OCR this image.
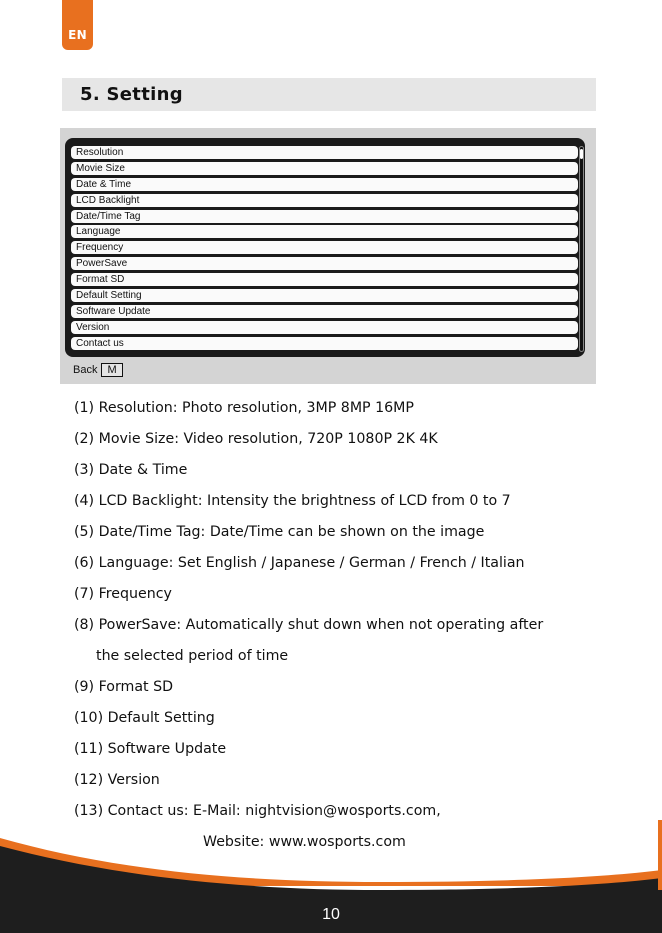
EN
5. Setting
Resolution
Movie Size
Date & Time
LCD Backlight
Date/Time Tag
Language
Frequency
PowerSave
Format SD
Default Setting
Software Update
Version
Contact us
Back M
(1) Resolution: Photo resolution, 3MP 8MP 16MP
(2) Movie Size: Video resolution, 720P 1080P 2K 4K
(3) Date & Time
(4) LCD Backlight: Intensity the brightness of LCD from 0 to 7
(5) Date/Time Tag: Date/Time can be shown on the image
(6) Language: Set English / Japanese / German / French / Italian
(7) Frequency
(8) PowerSave: Automatically shut down when not operating after
the selected period of time
(9) Format SD
(10) Default Setting
(11) Software Update
(12) Version
(13) Contact us: E-Mail: nightvision@wosports.com,
Website: www.wosports.com
10
